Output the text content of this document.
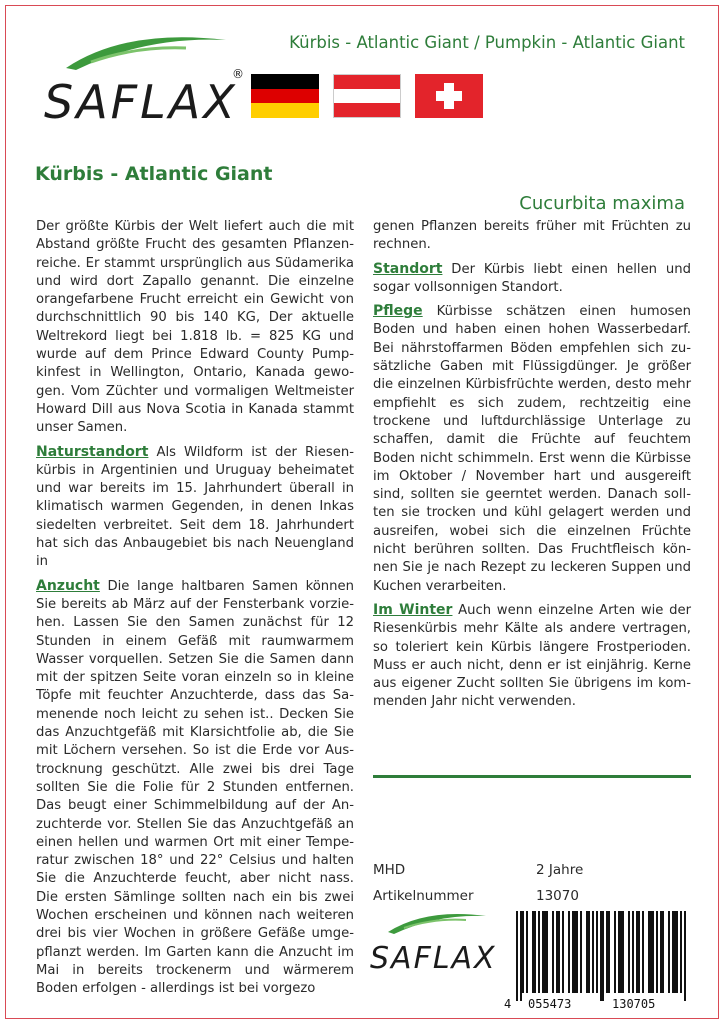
SAFLAX
®
Kürbis - Atlantic Giant / Pumpkin - Atlantic Giant
Kürbis - Atlantic Giant
Cucurbita maxima

Der größte Kürbis der Welt liefert auch die mit Abstand größte Frucht des gesamten Pflanzenreiche. Er stammt ursprünglich aus Südamerika und wird dort Zapallo genannt. Die einzelne orangefarbene Frucht erreicht ein Gewicht von durchschnittlich 90 bis 140 KG, Der aktuelle Weltrekord liegt bei 1.818 lb. = 825 KG und wurde auf dem Prince Edward County Pumpkinfest in Wellington, Ontario, Kanada gewogen. Vom Züchter und vormaligen Weltmeister Howard Dill aus Nova Scotia in Kanada stammt unser Samen.

Naturstandort Als Wildform ist der Riesenkürbis in Argentinien und Uruguay beheimatet und war bereits im 15. Jahrhundert überall in klimatisch warmen Gegenden, in denen Inkas siedelten verbreitet. Seit dem 18. Jahrhundert hat sich das Anbaugebiet bis nach Neuengland in

Anzucht Die lange haltbaren Samen können Sie bereits ab März auf der Fensterbank vorziehen. Lassen Sie den Samen zunächst für 12 Stunden in einem Gefäß mit raumwarmem Wasser vorquellen. Setzen Sie die Samen dann mit der spitzen Seite voran einzeln so in kleine Töpfe mit feuchter Anzuchterde, dass das Samenende noch leicht zu sehen ist.. Decken Sie das Anzuchtgefäß mit Klarsichtfolie ab, die Sie mit Löchern versehen. So ist die Erde vor Austrocknung geschützt. Alle zwei bis drei Tage sollten Sie die Folie für 2 Stunden entfernen. Das beugt einer Schimmelbildung auf der Anzuchterde vor. Stellen Sie das Anzuchtgefäß an einen hellen und warmen Ort mit einer Temperatur zwischen 18° und 22° Celsius und halten Sie die Anzuchterde feucht, aber nicht nass. Die ersten Sämlinge sollten nach ein bis zwei Wochen erscheinen und können nach weiteren drei bis vier Wochen in größere Gefäße umgepflanzt werden. Im Garten kann die Anzucht im Mai in bereits trockenerm und wärmerem Boden erfolgen - allerdings ist bei vorgezo

genen Pflanzen bereits früher mit Früchten zu rechnen.

Standort Der Kürbis liebt einen hellen und sogar vollsonnigen Standort.

Pflege Kürbisse schätzen einen humosen Boden und haben einen hohen Wasserbedarf. Bei nährstoffarmen Böden empfehlen sich zusätzliche Gaben mit Flüssigdünger. Je größer die einzelnen Kürbisfrüchte werden, desto mehr empfiehlt es sich zudem, rechtzeitig eine trockene und luftdurchlässige Unterlage zu schaffen, damit die Früchte auf feuchtem Boden nicht schimmeln. Erst wenn die Kürbisse im Oktober / November hart und ausgereift sind, sollten sie geerntet werden. Danach sollten sie trocken und kühl gelagert werden und ausreifen, wobei sich die einzelnen Früchte nicht berühren sollten. Das Fruchtfleisch können Sie je nach Rezept zu leckeren Suppen und Kuchen verarbeiten.

Im Winter Auch wenn einzelne Arten wie der Riesenkürbis mehr Kälte als andere vertragen, so toleriert kein Kürbis längere Frostperioden. Muss er auch nicht, denn er ist einjährig. Kerne aus eigener Zucht sollten Sie übrigens im kommenden Jahr nicht verwenden.

MHD	2 Jahre
Artikelnummer	13070
SAFLAX
4 055473	130705
